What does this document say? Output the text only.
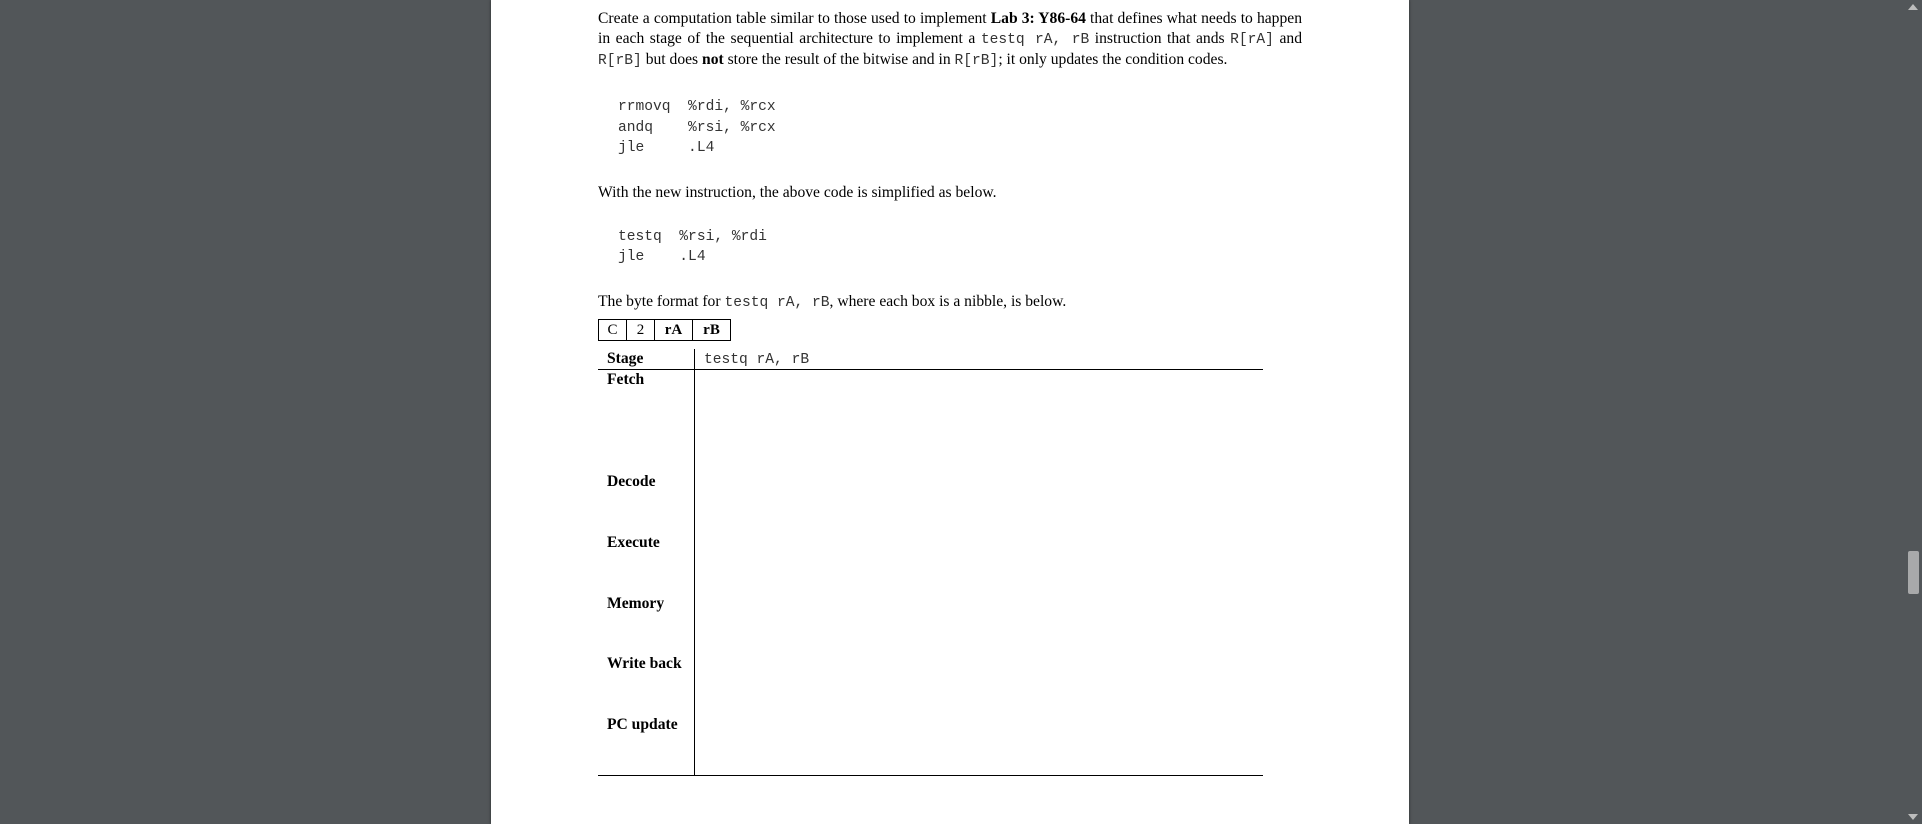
Create a computation table similar to those used to implement Lab 3: Y86-64 that defines what needs to happen in each stage of the sequential architecture to implement a testq rA, rB instruction that ands R[rA] and R[rB] but does not store the result of the bitwise and in R[rB]; it only updates the condition codes.

rrmovq  %rdi, %rcx
andq    %rsi, %rcx
jle     .L4

With the new instruction, the above code is simplified as below.

testq  %rsi, %rdi
jle    .L4

The byte format for testq rA, rB, where each box is a nibble, is below.

C	2	rA	rB
Stage	testq rA, rB
Fetch
Decode
Execute
Memory
Write back
PC update
